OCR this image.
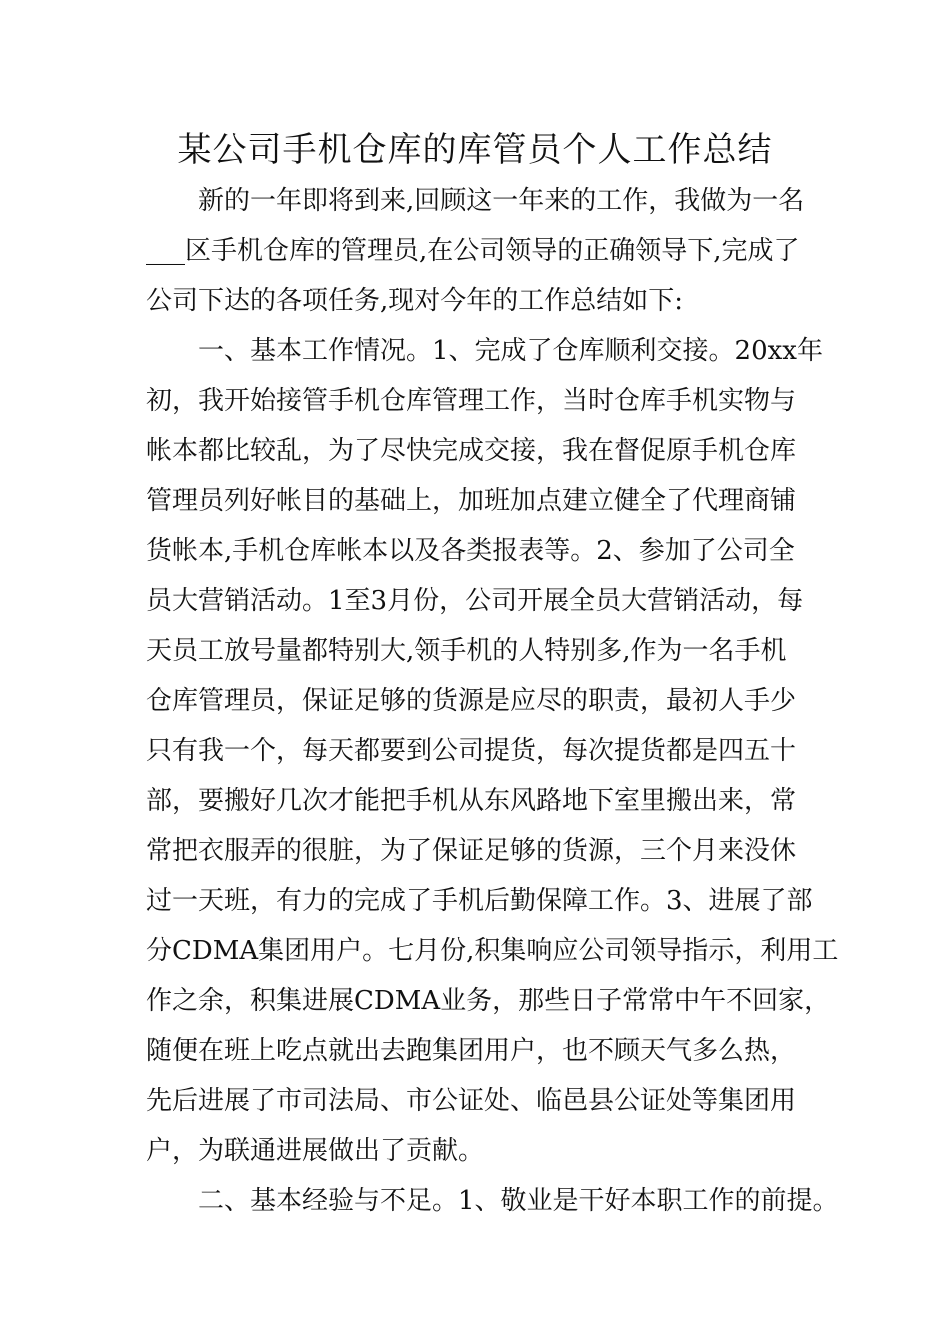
某公司手机仓库的库管员个人工作总结
新的一年即将到来,回顾这一年来的工作，我做为一名
___区手机仓库的管理员,在公司领导的正确领导下,完成了
公司下达的各项任务,现对今年的工作总结如下:
一、基本工作情况。1、完成了仓库顺利交接。20xx年
初，我开始接管手机仓库管理工作，当时仓库手机实物与
帐本都比较乱，为了尽快完成交接，我在督促原手机仓库
管理员列好帐目的基础上，加班加点建立健全了代理商铺
货帐本,手机仓库帐本以及各类报表等。2、参加了公司全
员大营销活动。1至3月份，公司开展全员大营销活动，每
天员工放号量都特别大,领手机的人特别多,作为一名手机
仓库管理员，保证足够的货源是应尽的职责，最初人手少
只有我一个，每天都要到公司提货，每次提货都是四五十
部，要搬好几次才能把手机从东风路地下室里搬出来，常
常把衣服弄的很脏，为了保证足够的货源，三个月来没休
过一天班，有力的完成了手机后勤保障工作。3、进展了部
分CDMA集团用户。七月份,积集响应公司领导指示，利用工
作之余，积集进展CDMA业务，那些日子常常中午不回家，
随便在班上吃点就出去跑集团用户，也不顾天气多么热，
先后进展了市司法局、市公证处、临邑县公证处等集团用
户，为联通进展做出了贡献。
二、基本经验与不足。1、敬业是干好本职工作的前提。
